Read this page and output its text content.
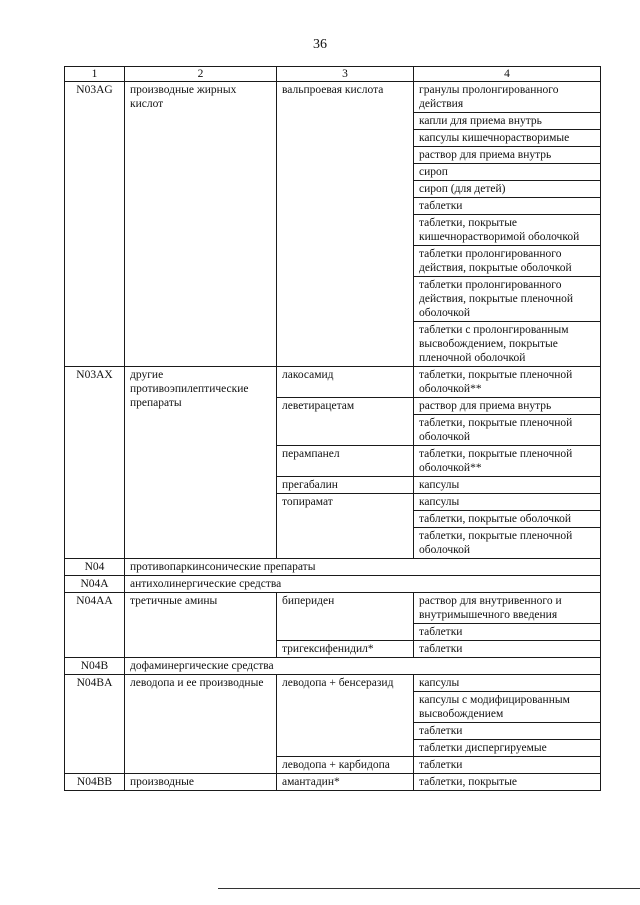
36
1	2	3	4
N03AG	производные жирных кислот	вальпроевая кислота	гранулы пролонгированного действия
			капли для приема внутрь
			капсулы кишечнорастворимые
			раствор для приема внутрь
			сироп
			сироп (для детей)
			таблетки
			таблетки, покрытые кишечнорастворимой оболочкой
			таблетки пролонгированного действия, покрытые оболочкой
			таблетки пролонгированного действия, покрытые пленочной оболочкой
			таблетки с пролонгированным высвобождением, покрытые пленочной оболочкой
N03AX	другие противоэпилептические препараты	лакосамид	таблетки, покрытые пленочной оболочкой**
		леветирацетам	раствор для приема внутрь
			таблетки, покрытые пленочной оболочкой
		перампанел	таблетки, покрытые пленочной оболочкой**
		прегабалин	капсулы
		топирамат	капсулы
			таблетки, покрытые оболочкой
			таблетки, покрытые пленочной оболочкой
N04	противопаркинсонические препараты		
N04A	антихолинергические средства		
N04AA	третичные амины	бипериден	раствор для внутривенного и внутримышечного введения
			таблетки
		тригексифенидил*	таблетки
N04B	дофаминергические средства		
N04BA	леводопа и ее производные	леводопа + бенсеразид	капсулы
			капсулы с модифицированным высвобождением
			таблетки
			таблетки диспергируемые
		леводопа + карбидопа	таблетки
N04BB	производные	амантадин*	таблетки, покрытые
